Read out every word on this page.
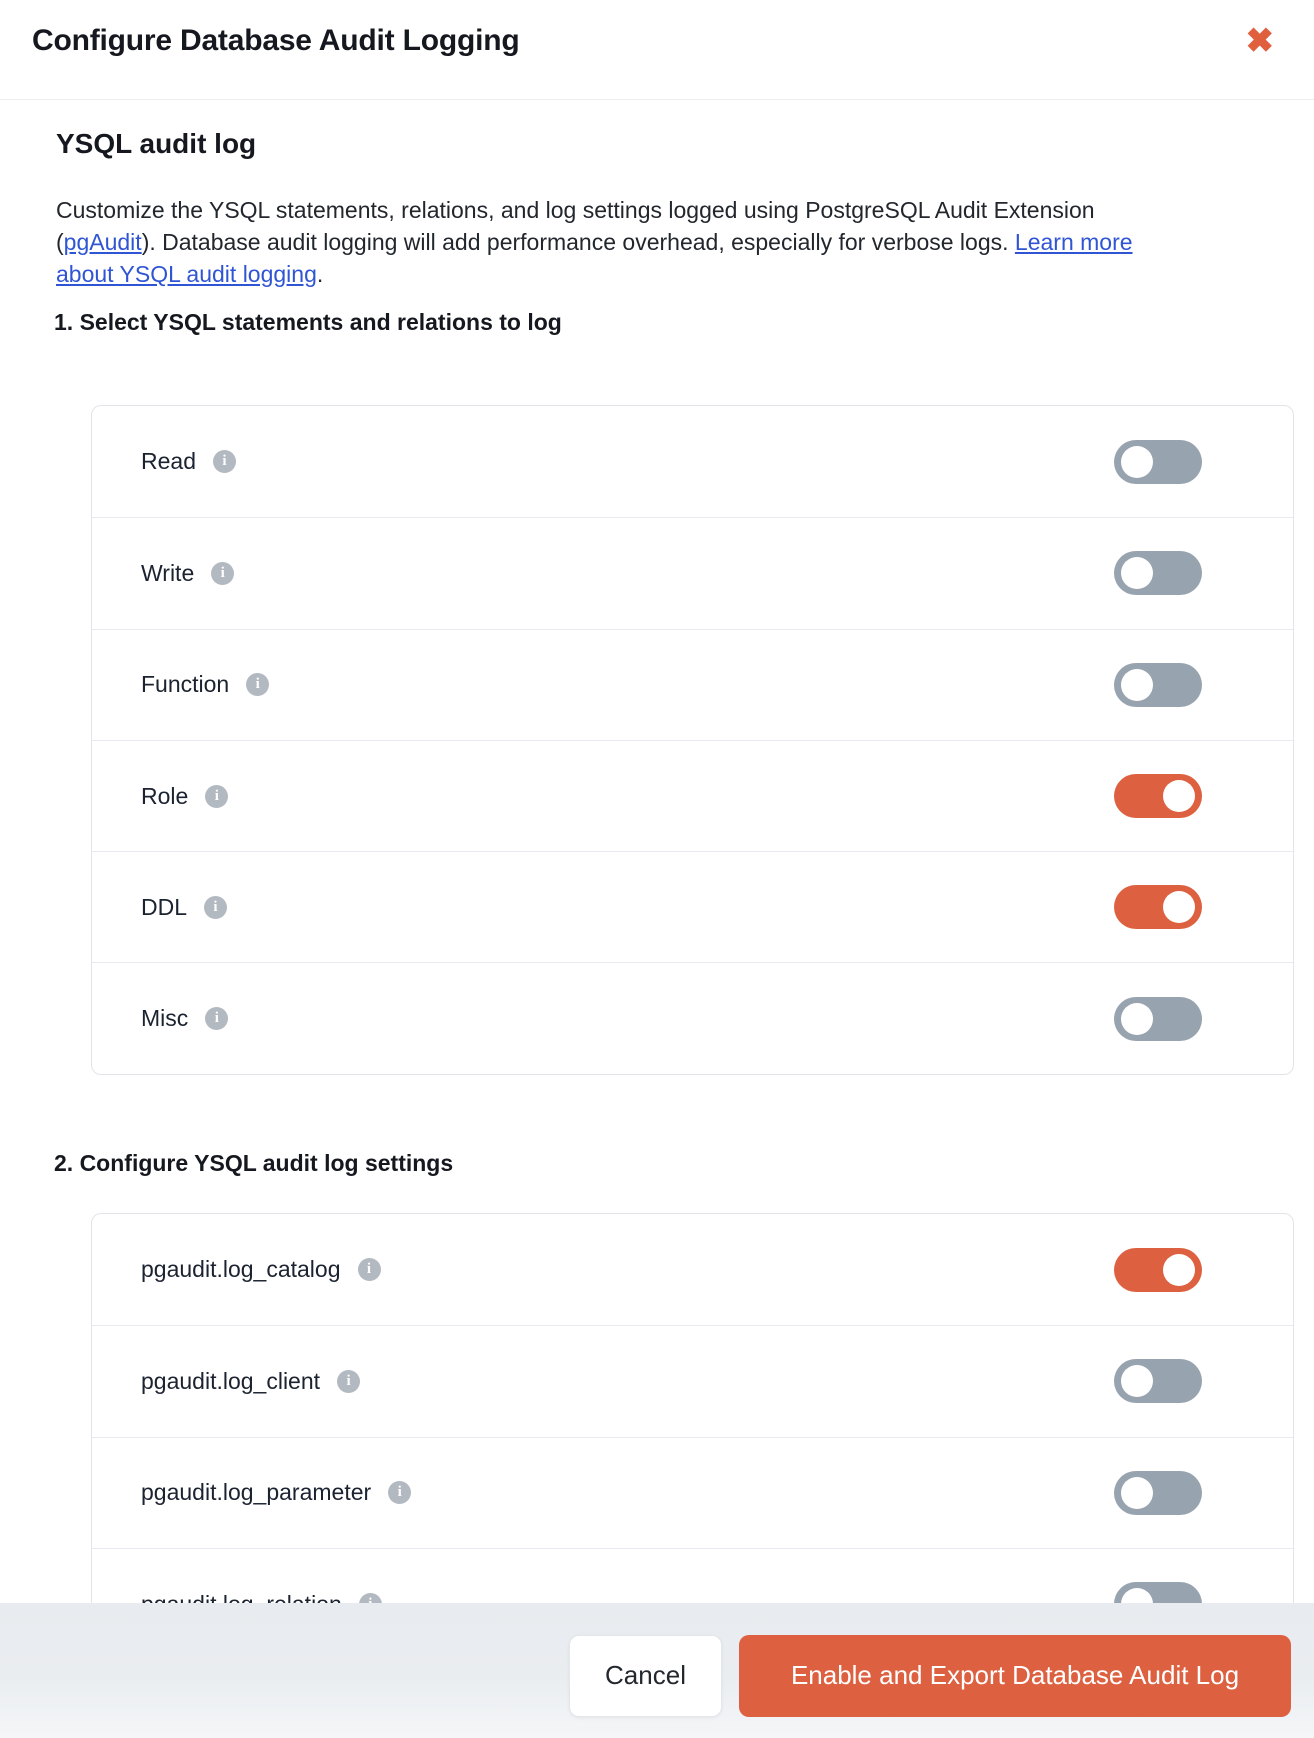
Configure Database Audit Logging	✖
YSQL audit log

Customize the YSQL statements, relations, and log settings logged using PostgreSQL Audit Extension (pgAudit). Database audit logging will add performance overhead, especially for verbose logs. Learn more about YSQL audit logging.

1. Select YSQL statements and relations to log
Read i
Write i
Function i
Role i
DDL i
Misc i
2. Configure YSQL audit log settings
pgaudit.log_catalog i
pgaudit.log_client i
pgaudit.log_parameter i
Cancel	Enable and Export Database Audit Log
